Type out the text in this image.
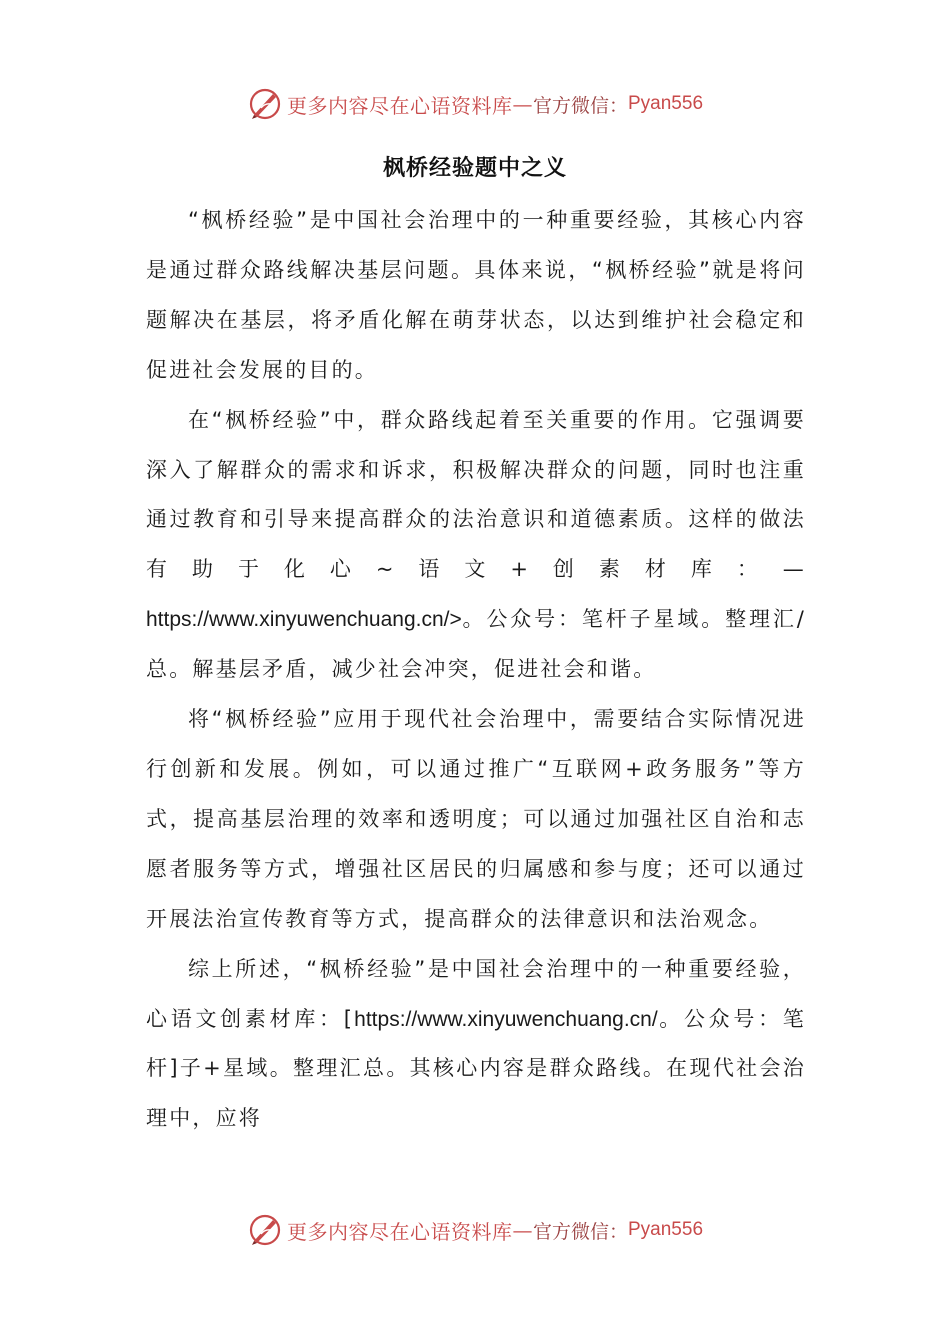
更多内容尽在心语资料库 — 官方微信： Pyan556
枫桥经验题中之义

“枫桥经验”是中国社会治理中的一种重要经验，其核心内容是通过群众路线解决基层问题。具体来说，“枫桥经验”就是将问题解决在基层，将矛盾化解在萌芽状态，以达到维护社会稳定和促进社会发展的目的。

在“枫桥经验”中，群众路线起着至关重要的作用。它强调要深入了解群众的需求和诉求，积极解决群众的问题，同时也注重通过教育和引导来提高群众的法治意识和道德素质。这样的做法有助于化心~语文+创素材库：—https://www.xinyuwenchuang.cn/>。公众号：笔杆子星域。整理汇/总。解基层矛盾，减少社会冲突，促进社会和谐。

将“枫桥经验”应用于现代社会治理中，需要结合实际情况进行创新和发展。例如，可以通过推广“互联网+政务服务”等方式，提高基层治理的效率和透明度；可以通过加强社区自治和志愿者服务等方式，增强社区居民的归属感和参与度；还可以通过开展法治宣传教育等方式，提高群众的法律意识和法治观念。

综上所述，“枫桥经验”是中国社会治理中的一种重要经验，心语文创素材库：[https://www.xinyuwenchuang.cn/。公众号：笔杆]子+星域。整理汇总。其核心内容是群众路线。在现代社会治理中，应将

更多内容尽在心语资料库 — 官方微信： Pyan556
